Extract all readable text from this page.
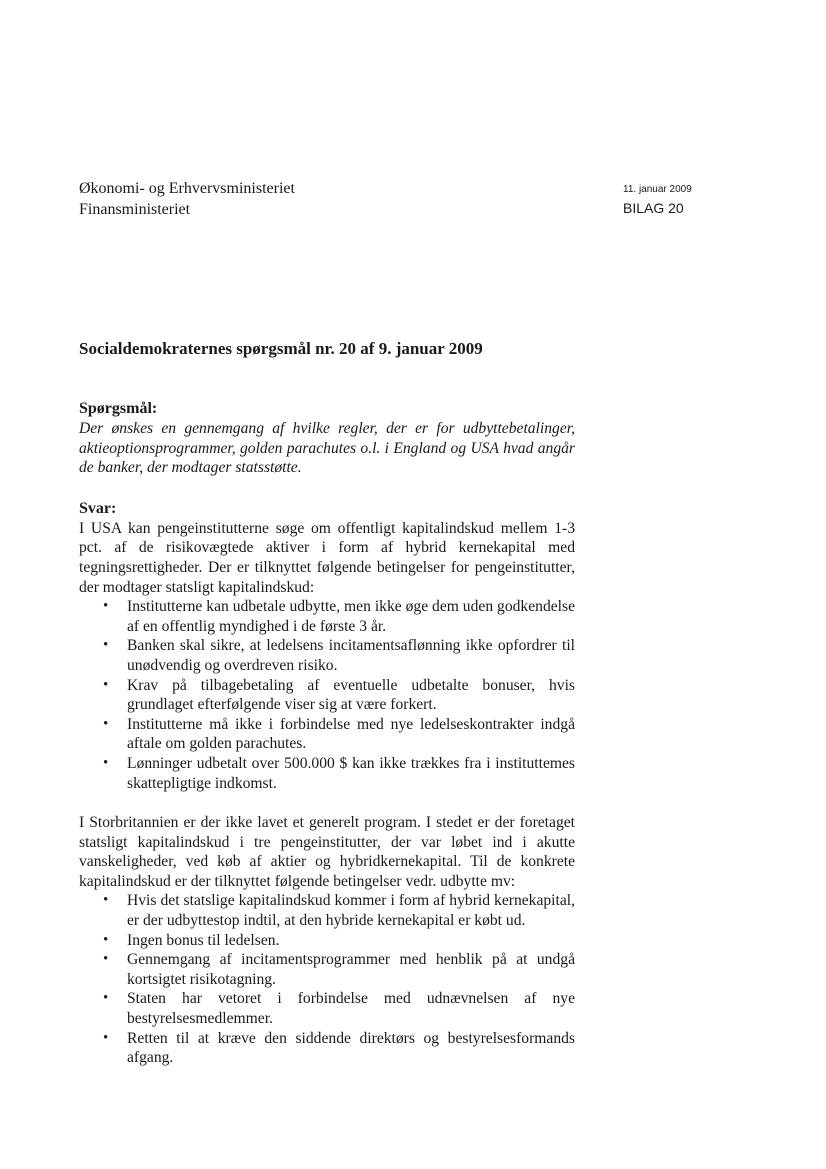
Økonomi- og Erhvervsministeriet
Finansministeriet
11. januar 2009
BILAG 20
Socialdemokraternes spørgsmål nr. 20 af 9. januar 2009

Spørgsmål:

Der ønskes en gennemgang af hvilke regler, der er for udbyttebetalinger, aktieoptionsprogrammer, golden parachutes o.l. i England og USA hvad angår de banker, der modtager statsstøtte.

Svar:

I USA kan pengeinstitutterne søge om offentligt kapitalindskud mellem 1-3 pct. af de risikovægtede aktiver i form af hybrid kernekapital med tegningsrettigheder. Der er tilknyttet følgende betingelser for pengeinstitutter, der modtager statsligt kapitalindskud:

• Institutterne kan udbetale udbytte, men ikke øge dem uden godkendelse af en offentlig myndighed i de første 3 år.
• Banken skal sikre, at ledelsens incitamentsaflønning ikke opfordrer til unødvendig og overdreven risiko.
• Krav på tilbagebetaling af eventuelle udbetalte bonuser, hvis grundlaget efterfølgende viser sig at være forkert.
• Institutterne må ikke i forbindelse med nye ledelseskontrakter indgå aftale om golden parachutes.
• Lønninger udbetalt over 500.000 $ kan ikke trækkes fra i instituttemes skattepligtige indkomst.

I Storbritannien er der ikke lavet et generelt program. I stedet er der foretaget statsligt kapitalindskud i tre pengeinstitutter, der var løbet ind i akutte vanskeligheder, ved køb af aktier og hybridkernekapital. Til de konkrete kapitalindskud er der tilknyttet følgende betingelser vedr. udbytte mv:

• Hvis det statslige kapitalindskud kommer i form af hybrid kernekapital, er der udbyttestop indtil, at den hybride kernekapital er købt ud.
• Ingen bonus til ledelsen.
• Gennemgang af incitamentsprogrammer med henblik på at undgå kortsigtet risikotagning.
• Staten har vetoret i forbindelse med udnævnelsen af nye bestyrelsesmedlemmer.
• Retten til at kræve den siddende direktørs og bestyrelsesformands afgang.
